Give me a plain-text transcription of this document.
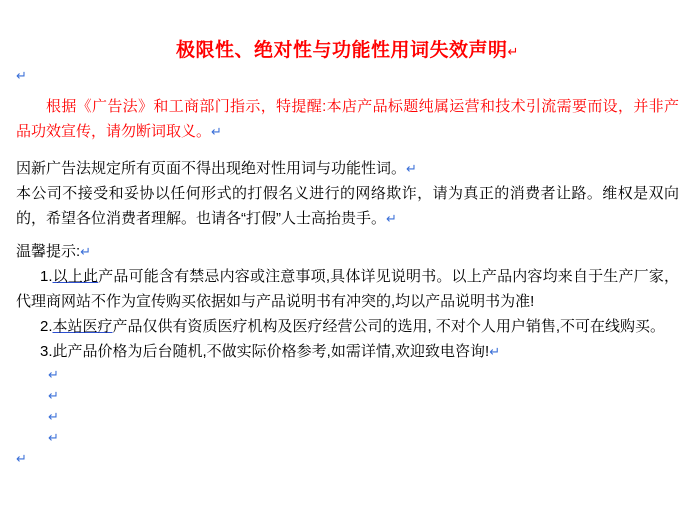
极限性、绝对性与功能性用词失效声明↵
↵

根据《广告法》和工商部门指示，特提醒:本店产品标题纯属运营和技术引流需要而设，并非产品功效宣传，请勿断词取义。↵

因新广告法规定所有页面不得出现绝对性用词与功能性词。↵

本公司不接受和妥协以任何形式的打假名义进行的网络欺诈，请为真正的消费者让路。维权是双向的，希望各位消费者理解。也请各“打假”人士高抬贵手。↵

温馨提示:↵

1.以上此产品可能含有禁忌内容或注意事项,具体详见说明书。以上产品内容均来自于生产厂家，代理商网站不作为宣传购买依据如与产品说明书有冲突的,均以产品说明书为准!

2.本站医疗产品仅供有资质医疗机构及医疗经营公司的选用, 不对个人用户销售,不可在线购买。

3.此产品价格为后台随机,不做实际价格参考,如需详情,欢迎致电咨询!↵

↵
↵
↵
↵
↵
